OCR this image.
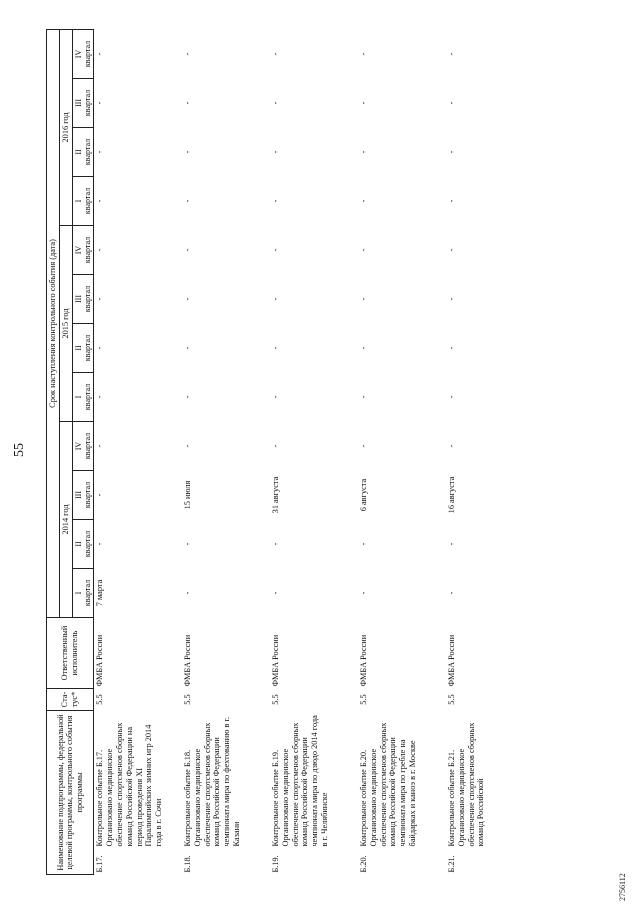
55
Наименование подпрограммы, федеральной целевой программы, контрольного события программы		Ста-тус*	Ответственный исполнитель	Срок наступления контрольного события (дата)											
				2014 год				2015 год				2016 год			
				I
квартал	II
квартал	III
квартал	IV
квартал	I
квартал	II
квартал	III
квартал	IV
квартал	I
квартал	II
квартал	III
квартал	IV
квартал
Б.17.	Контрольное событие Б.17. Организовано медицинское обеспечение спортсменов сборных команд Российской Федерации на период проведения XI Паралимпийских зимних игр 2014 года в г. Сочи	5.5	ФМБА России	7 марта	-	-	-	-	-	-	-	-	-	-	-
Б.18.	Контрольное событие Б.18. Организовано медицинское обеспечение спортсменов сборных команд Российской Федерации чемпионата мира по фехтованию в г. Казани	5.5	ФМБА России	-	-	15 июля	-	-	-	-	-	-	-	-	-
Б.19.	Контрольное событие Б.19. Организовано медицинское обеспечение спортсменов сборных команд Российской Федерации чемпионата мира по дзюдо 2014 года в г. Челябинске	5.5	ФМБА России	-	-	31 августа	-	-	-	-	-	-	-	-	-
Б.20.	Контрольное событие Б.20. Организовано медицинское обеспечение спортсменов сборных команд Российской Федерации чемпионата мира по гребле на байдарках и каноэ в г. Москве	5.5	ФМБА России	-	-	6 августа	-	-	-	-	-	-	-	-	-
Б.21.	Контрольное событие Б.21. Организовано медицинское обеспечение спортсменов сборных команд Российской	5.5	ФМБА России	-	-	16 августа	-	-	-	-	-	-	-	-	-
2756112
